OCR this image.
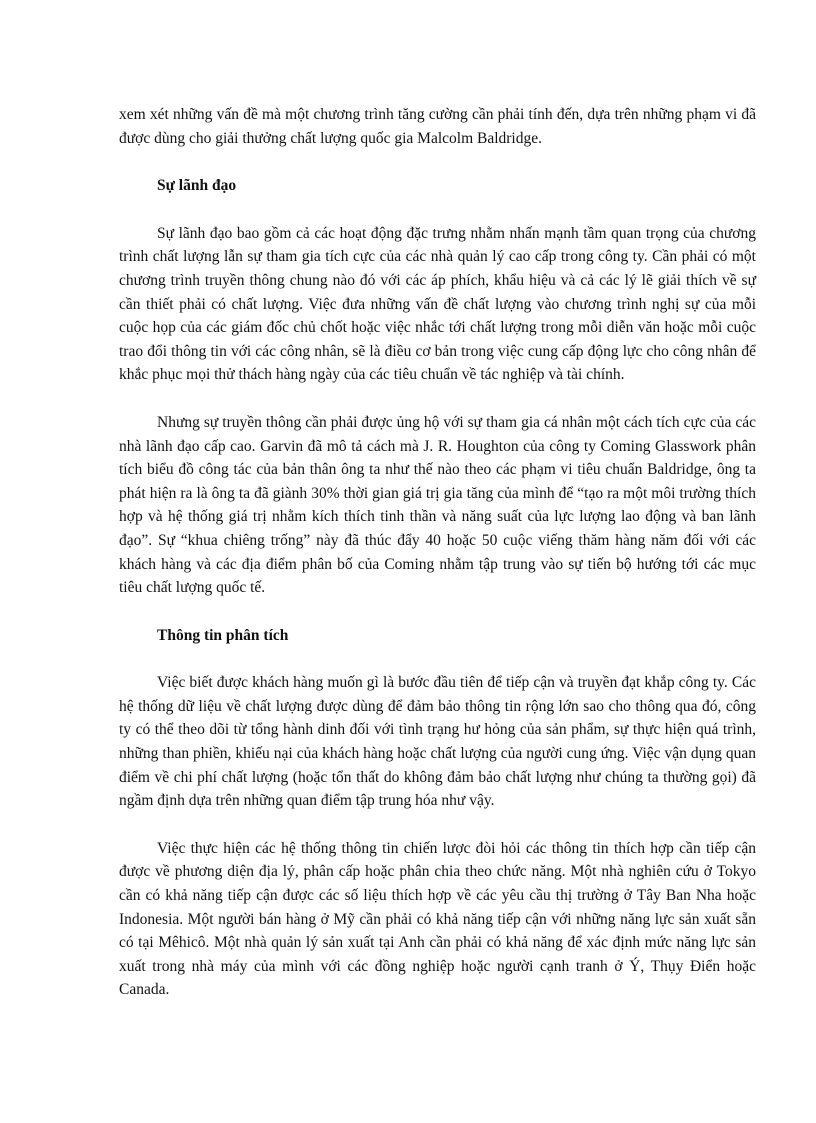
xem xét những vấn đề mà một chương trình tăng cường cần phải tính đến, dựa trên những phạm vi đã được dùng cho giải thưởng chất lượng quốc gia Malcolm Baldridge.

Sự lãnh đạo

Sự lãnh đạo bao gồm cả các hoạt động đặc trưng nhằm nhấn mạnh tầm quan trọng của chương trình chất lượng lẫn sự tham gia tích cực của các nhà quản lý cao cấp trong công ty. Cần phải có một chương trình truyền thông chung nào đó với các áp phích, khẩu hiệu và cả các lý lẽ giải thích về sự cần thiết phải có chất lượng. Việc đưa những vấn đề chất lượng vào chương trình nghị sự của mỗi cuộc họp của các giám đốc chủ chốt hoặc việc nhắc tới chất lượng trong mỗi diễn văn hoặc mỗi cuộc trao đổi thông tin với các công nhân, sẽ là điều cơ bản trong việc cung cấp động lực cho công nhân để khắc phục mọi thử thách hàng ngày của các tiêu chuẩn về tác nghiệp và tài chính.

Nhưng sự truyền thông cần phải được ủng hộ với sự tham gia cá nhân một cách tích cực của các nhà lãnh đạo cấp cao. Garvin đã mô tả cách mà J. R. Houghton của công ty Coming Glasswork phân tích biểu đồ công tác của bản thân ông ta như thế nào theo các phạm vi tiêu chuẩn Baldridge, ông ta phát hiện ra là ông ta đã giành 30% thời gian giá trị gia tăng của mình để “tạo ra một môi trường thích hợp và hệ thống giá trị nhằm kích thích tinh thần và năng suất của lực lượng lao động và ban lãnh đạo”. Sự “khua chiêng trống” này đã thúc đẩy 40 hoặc 50 cuộc viếng thăm hàng năm đối với các khách hàng và các địa điểm phân bố của Coming nhằm tập trung vào sự tiến bộ hướng tới các mục tiêu chất lượng quốc tế.

Thông tin phân tích

Việc biết được khách hàng muốn gì là bước đầu tiên để tiếp cận và truyền đạt khắp công ty. Các hệ thống dữ liệu về chất lượng được dùng để đảm bảo thông tin rộng lớn sao cho thông qua đó, công ty có thể theo dõi từ tổng hành dinh đối với tình trạng hư hỏng của sản phẩm, sự thực hiện quá trình, những than phiền, khiếu nại của khách hàng hoặc chất lượng của người cung ứng. Việc vận dụng quan điểm về chi phí chất lượng (hoặc tổn thất do không đảm bảo chất lượng như chúng ta thường gọi) đã ngầm định dựa trên những quan điểm tập trung hóa như vậy.

Việc thực hiện các hệ thống thông tin chiến lược đòi hỏi các thông tin thích hợp cần tiếp cận được về phương diện địa lý, phân cấp hoặc phân chia theo chức năng. Một nhà nghiên cứu ở Tokyo cần có khả năng tiếp cận được các số liệu thích hợp về các yêu cầu thị trường ở Tây Ban Nha hoặc Indonesia. Một người bán hàng ở Mỹ cần phải có khả năng tiếp cận với những năng lực sản xuất sẵn có tại Mêhicô. Một nhà quản lý sản xuất tại Anh cần phải có khả năng để xác định mức năng lực sản xuất trong nhà máy của mình với các đồng nghiệp hoặc người cạnh tranh ở Ý, Thụy Điển hoặc Canada.
